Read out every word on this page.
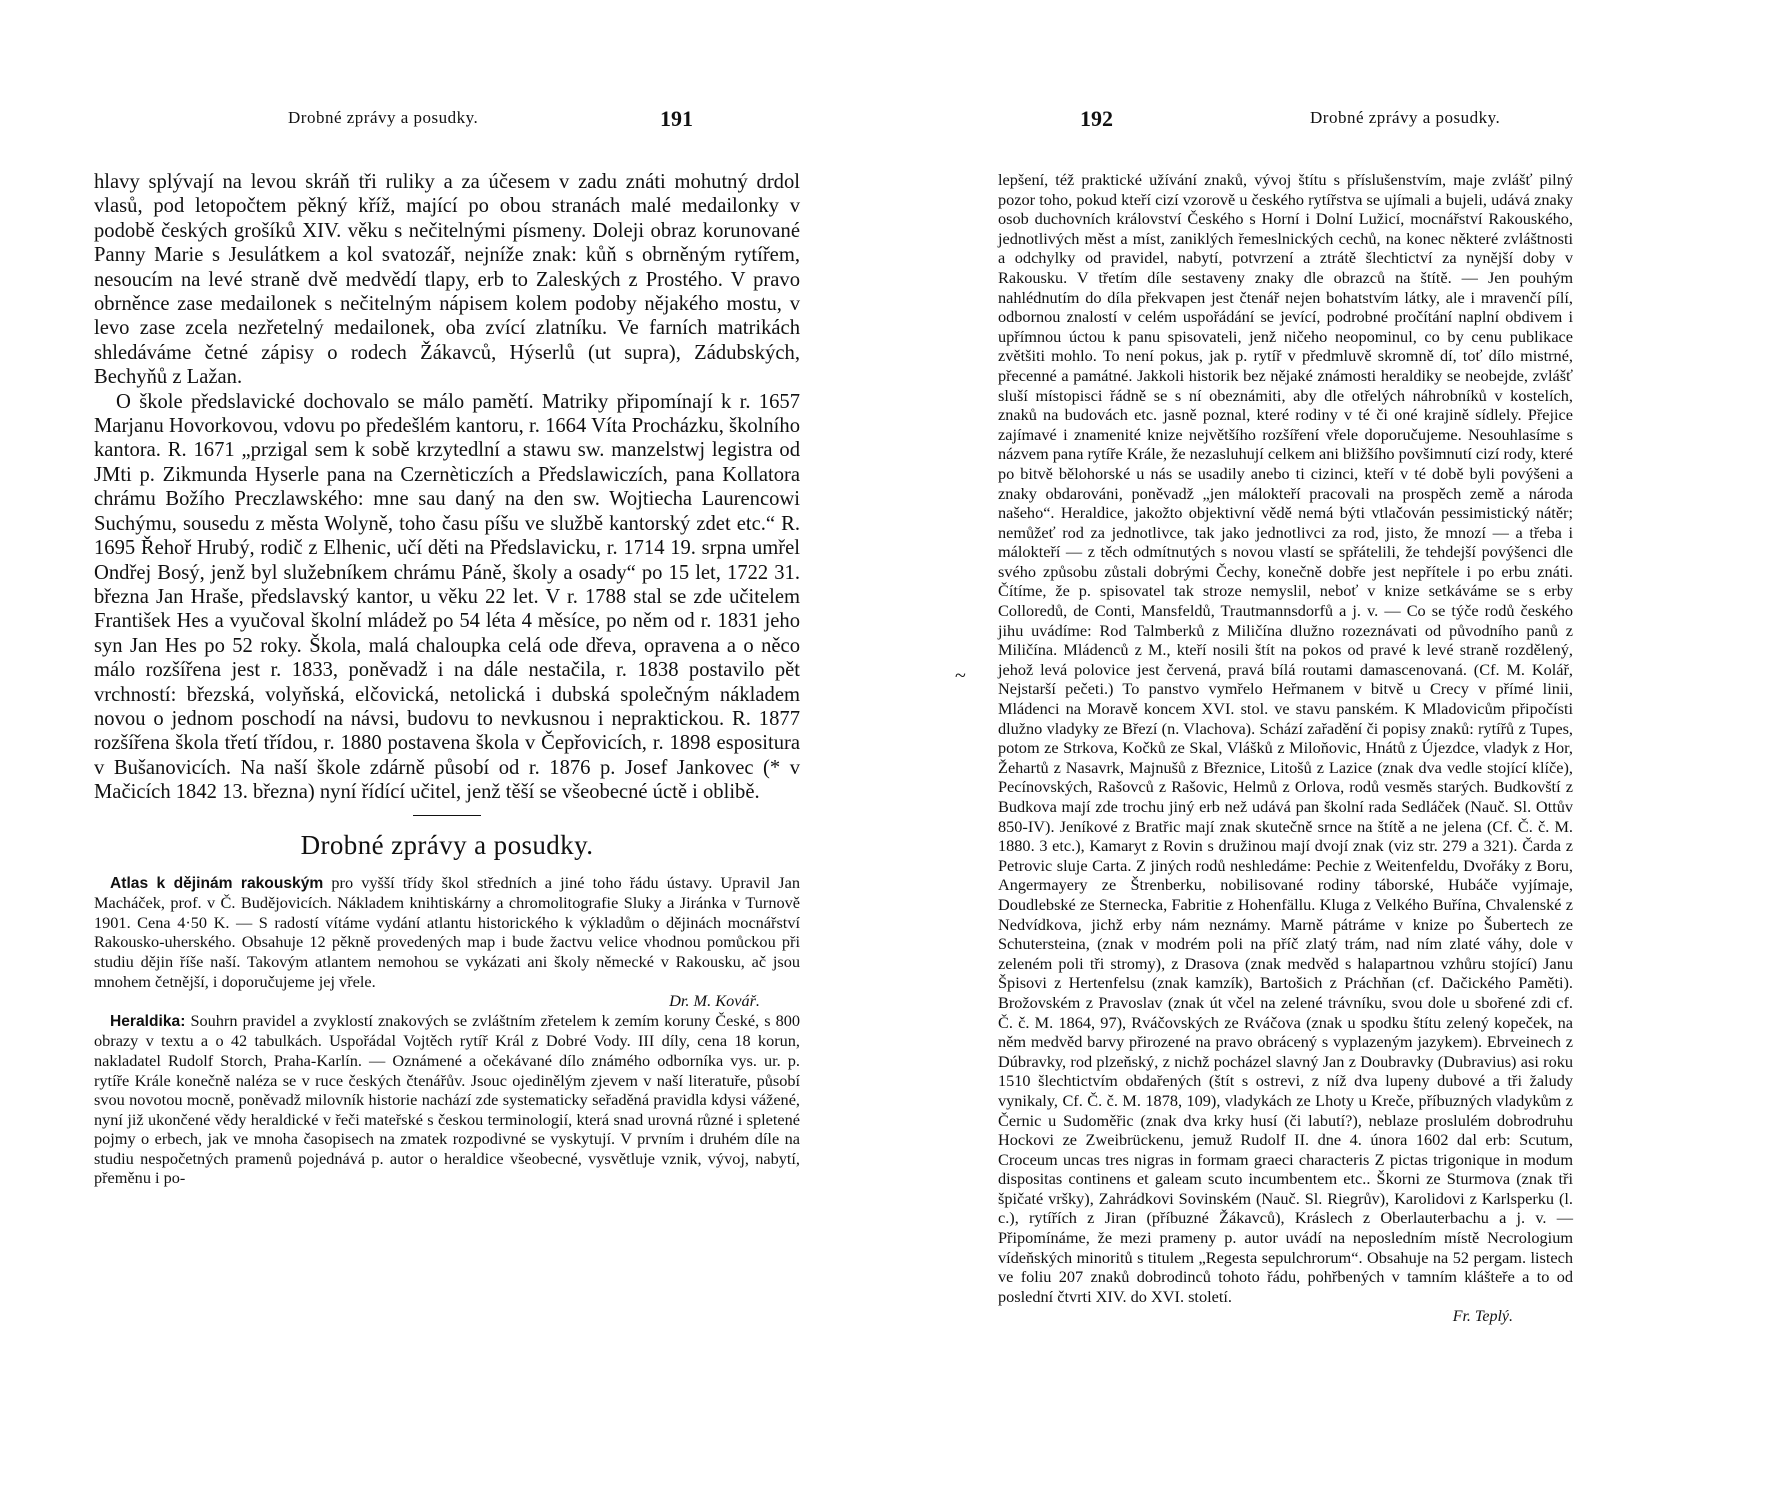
Drobné zprávy a posudky.	191

hlavy splývají na levou skráň tři ruliky a za účesem v zadu znáti mohutný drdol vlasů, pod letopočtem pěkný kříž, mající po obou stranách malé medailonky v podobě českých grošíků XIV. věku s nečitelnými písmeny. Doleji obraz korunované Panny Marie s Jesulátkem a kol svatozář, nejníže znak: kůň s obrněným rytířem, nesoucím na levé straně dvě medvědí tlapy, erb to Zaleských z Prostého. V pravo obrněnce zase medailonek s nečitelným nápisem kolem podoby nějakého mostu, v levo zase zcela nezřetelný medailonek, oba zvící zlatníku. Ve farních matrikách shledáváme četné zápisy o rodech Žákavců, Hýserlů (ut supra), Zádubských, Bechyňů z Lažan.

O škole předslavické dochovalo se málo pamětí. Matriky připomínají k r. 1657 Marjanu Hovorkovou, vdovu po předešlém kantoru, r. 1664 Víta Procházku, školního kantora. R. 1671 „przigal sem k sobě krzytedlní a stawu sw. manzelstwj legistra od JMti p. Zikmunda Hyserle pana na Czernèticzích a Předslawiczích, pana Kollatora chrámu Božího Preczlawského: mne sau daný na den sw. Wojtiecha Laurencowi Suchýmu, sousedu z města Wolyně, toho času píšu ve službě kantorský zdet etc.“ R. 1695 Řehoř Hrubý, rodič z Elhenic, učí děti na Předslavicku, r. 1714 19. srpna umřel Ondřej Bosý, jenž byl služebníkem chrámu Páně, školy a osady“ po 15 let, 1722 31. března Jan Hraše, předslavský kantor, u věku 22 let. V r. 1788 stal se zde učitelem František Hes a vyučoval školní mládež po 54 léta 4 měsíce, po něm od r. 1831 jeho syn Jan Hes po 52 roky. Škola, malá chaloupka celá ode dřeva, opravena a o něco málo rozšířena jest r. 1833, poněvadž i na dále nestačila, r. 1838 postavilo pět vrchností: březská, volyňská, elčovická, netolická i dubská společným nákladem novou o jednom poschodí na návsi, budovu to nevkusnou i nepraktickou. R. 1877 rozšířena škola třetí třídou, r. 1880 postavena škola v Čepřovicích, r. 1898 espositura v Bušanovicích. Na naší škole zdárně působí od r. 1876 p. Josef Jankovec (* v Mačicích 1842 13. března) nyní řídící učitel, jenž těší se všeobecné úctě i oblibě.

Drobné zprávy a posudky.

Atlas k dějinám rakouským pro vyšší třídy škol středních a jiné toho řádu ústavy. Upravil Jan Macháček, prof. v Č. Budějovicích. Nákladem knihtiskárny a chromolitografie Sluky a Jiránka v Turnově 1901. Cena 4·50 K. — S radostí vítáme vydání atlantu historického k výkladům o dějinách mocnářství Rakousko-uherského. Obsahuje 12 pěkně provedených map i bude žactvu velice vhodnou pomůckou při studiu dějin říše naší. Takovým atlantem nemohou se vykázati ani školy německé v Rakousku, ač jsou mnohem četnější, i doporučujeme jej vřele.
Dr. M. Kovář.

Heraldika: Souhrn pravidel a zvyklostí znakových se zvláštním zřetelem k zemím koruny České, s 800 obrazy v textu a o 42 tabulkách. Uspořádal Vojtěch rytíř Král z Dobré Vody. III díly, cena 18 korun, nakladatel Rudolf Storch, Praha-Karlín. — Oznámené a očekávané dílo známého odborníka vys. ur. p. rytíře Krále konečně naléza se v ruce českých čtenářův. Jsouc ojedinělým zjevem v naší literatuře, působí svou novotou mocně, poněvadž milovník historie nachází zde systematicky seřaděná pravidla kdysi vážené, nyní již ukončené vědy heraldické v řeči mateřské s českou terminologií, která snad urovná různé i spletené pojmy o erbech, jak ve mnoha časopisech na zmatek rozpodivné se vyskytují. V prvním i druhém díle na studiu nespočetných pramenů pojednává p. autor o heraldice všeobecné, vysvětluje vznik, vývoj, nabytí, přeměnu i po-

192	Drobné zprávy a posudky.
~

lepšení, též praktické užívání znaků, vývoj štítu s příslušenstvím, maje zvlášť pilný pozor toho, pokud kteří cizí vzorově u českého rytířstva se ujímali a bujeli, udává znaky osob duchovních království Českého s Horní i Dolní Lužicí, mocnářství Rakouského, jednotlivých měst a míst, zaniklých řemeslnických cechů, na konec některé zvláštnosti a odchylky od pravidel, nabytí, potvrzení a ztrátě šlechtictví za nynější doby v Rakousku. V třetím díle sestaveny znaky dle obrazců na štítě. — Jen pouhým nahlédnutím do díla překvapen jest čtenář nejen bohatstvím látky, ale i mravenčí pílí, odbornou znalostí v celém uspořádání se jevící, podrobné pročítání naplní obdivem i upřímnou úctou k panu spisovateli, jenž ničeho neopominul, co by cenu publikace zvětšiti mohlo. To není pokus, jak p. rytíř v předmluvě skromně dí, toť dílo mistrné, přecenné a památné. Jakkoli historik bez nějaké známosti heraldiky se neobejde, zvlášť sluší místopisci řádně se s ní obeznámiti, aby dle otřelých náhrobníků v kostelích, znaků na budovách etc. jasně poznal, které rodiny v té či oné krajině sídlely. Přejice zajímavé i znamenité knize největšího rozšíření vřele doporučujeme. Nesouhlasíme s názvem pana rytíře Krále, že nezasluhují celkem ani bližšího povšimnutí cizí rody, které po bitvě bělohorské u nás se usadily anebo ti cizinci, kteří v té době byli povýšeni a znaky obdarováni, poněvadž „jen málokteří pracovali na prospěch země a národa našeho“. Heraldice, jakožto objektivní vědě nemá býti vtlačován pessimistický nátěr; nemůžeť rod za jednotlivce, tak jako jednotlivci za rod, jisto, že mnozí — a třeba i málokteří — z těch odmítnutých s novou vlastí se spřátelili, že tehdejší povýšenci dle svého způsobu zůstali dobrými Čechy, konečně dobře jest nepřítele i po erbu znáti. Čítíme, že p. spisovatel tak stroze nemyslil, neboť v knize setkáváme se s erby Colloredů, de Conti, Mansfeldů, Trautmannsdorfů a j. v. — Co se týče rodů českého jihu uvádíme: Rod Talmberků z Miličína dlužno rozeznávati od původního panů z Miličína. Mládenců z M., kteří nosili štít na pokos od pravé k levé straně rozdělený, jehož levá polovice jest červená, pravá bílá routami damascenovaná. (Cf. M. Kolář, Nejstarší pečeti.) To panstvo vymřelo Heřmanem v bitvě u Crecy v přímé linii, Mládenci na Moravě koncem XVI. stol. ve stavu panském. K Mladovicům připočísti dlužno vladyky ze Březí (n. Vlachova). Schází zařadění či popisy znaků: rytířů z Tupes, potom ze Strkova, Kočků ze Skal, Vlášků z Miloňovic, Hnátů z Újezdce, vladyk z Hor, Žehartů z Nasavrk, Majnušů z Březnice, Litošů z Lazice (znak dva vedle stojící klíče), Pecínovských, Rašovců z Rašovic, Helmů z Orlova, rodů vesměs starých. Budkovští z Budkova mají zde trochu jiný erb než udává pan školní rada Sedláček (Nauč. Sl. Ottův 850-IV). Jeníkové z Bratřic mají znak skutečně srnce na štítě a ne jelena (Cf. Č. č. M. 1880. 3 etc.), Kamaryt z Rovin s družinou mají dvojí znak (viz str. 279 a 321). Čarda z Petrovic sluje Carta. Z jiných rodů neshledáme: Pechie z Weitenfeldu, Dvořáky z Boru, Angermayery ze Štrenberku, nobilisované rodiny táborské, Hubáče vyjímaje, Doudlebské ze Sternecka, Fabritie z Hohenfällu. Kluga z Velkého Buřína, Chvalenské z Nedvídkova, jichž erby nám neznámy. Marně pátráme v knize po Šubertech ze Schutersteina, (znak v modrém poli na příč zlatý trám, nad ním zlaté váhy, dole v zeleném poli tři stromy), z Drasova (znak medvěd s halapartnou vzhůru stojící) Janu Špisovi z Hertenfelsu (znak kamzík), Bartošich z Práchňan (cf. Dačického Paměti). Brožovském z Pravoslav (znak út včel na zelené trávníku, svou dole u sbořené zdi cf. Č. č. M. 1864, 97), Rváčovských ze Rváčova (znak u spodku štítu zelený kopeček, na něm medvěd barvy přirozené na pravo obrácený s vyplazeným jazykem). Ebrveinech z Dúbravky, rod plzeňský, z nichž pocházel slavný Jan z Doubravky (Dubravius) asi roku 1510 šlechtictvím obdařených (štít s ostrevi, z níž dva lupeny dubové a tři žaludy vynikaly, Cf. Č. č. M. 1878, 109), vladykách ze Lhoty u Kreče, příbuzných vladykům z Černic u Sudoměřic (znak dva krky husí (či labutí?), neblaze proslulém dobrodruhu Hockovi ze Zweibrückenu, jemuž Rudolf II. dne 4. února 1602 dal erb: Scutum, Croceum uncas tres nigras in formam graeci characteris Z pictas trigonique in modum dispositas continens et galeam scuto incumbentem etc.. Škorni ze Sturmova (znak tři špičaté vršky), Zahrádkovi Sovinském (Nauč. Sl. Riegrův), Karolidovi z Karlsperku (l. c.), rytířích z Jiran (příbuzné Žákavců), Kráslech z Oberlauterbachu a j. v. — Připomínáme, že mezi prameny p. autor uvádí na neposledním místě Necrologium vídeňských minoritů s titulem „Regesta sepulchrorum“. Obsahuje na 52 pergam. listech ve foliu 207 znaků dobrodinců tohoto řádu, pohřbených v tamním klášteře a to od poslední čtvrti XIV. do XVI. století.

Fr. Teplý.
